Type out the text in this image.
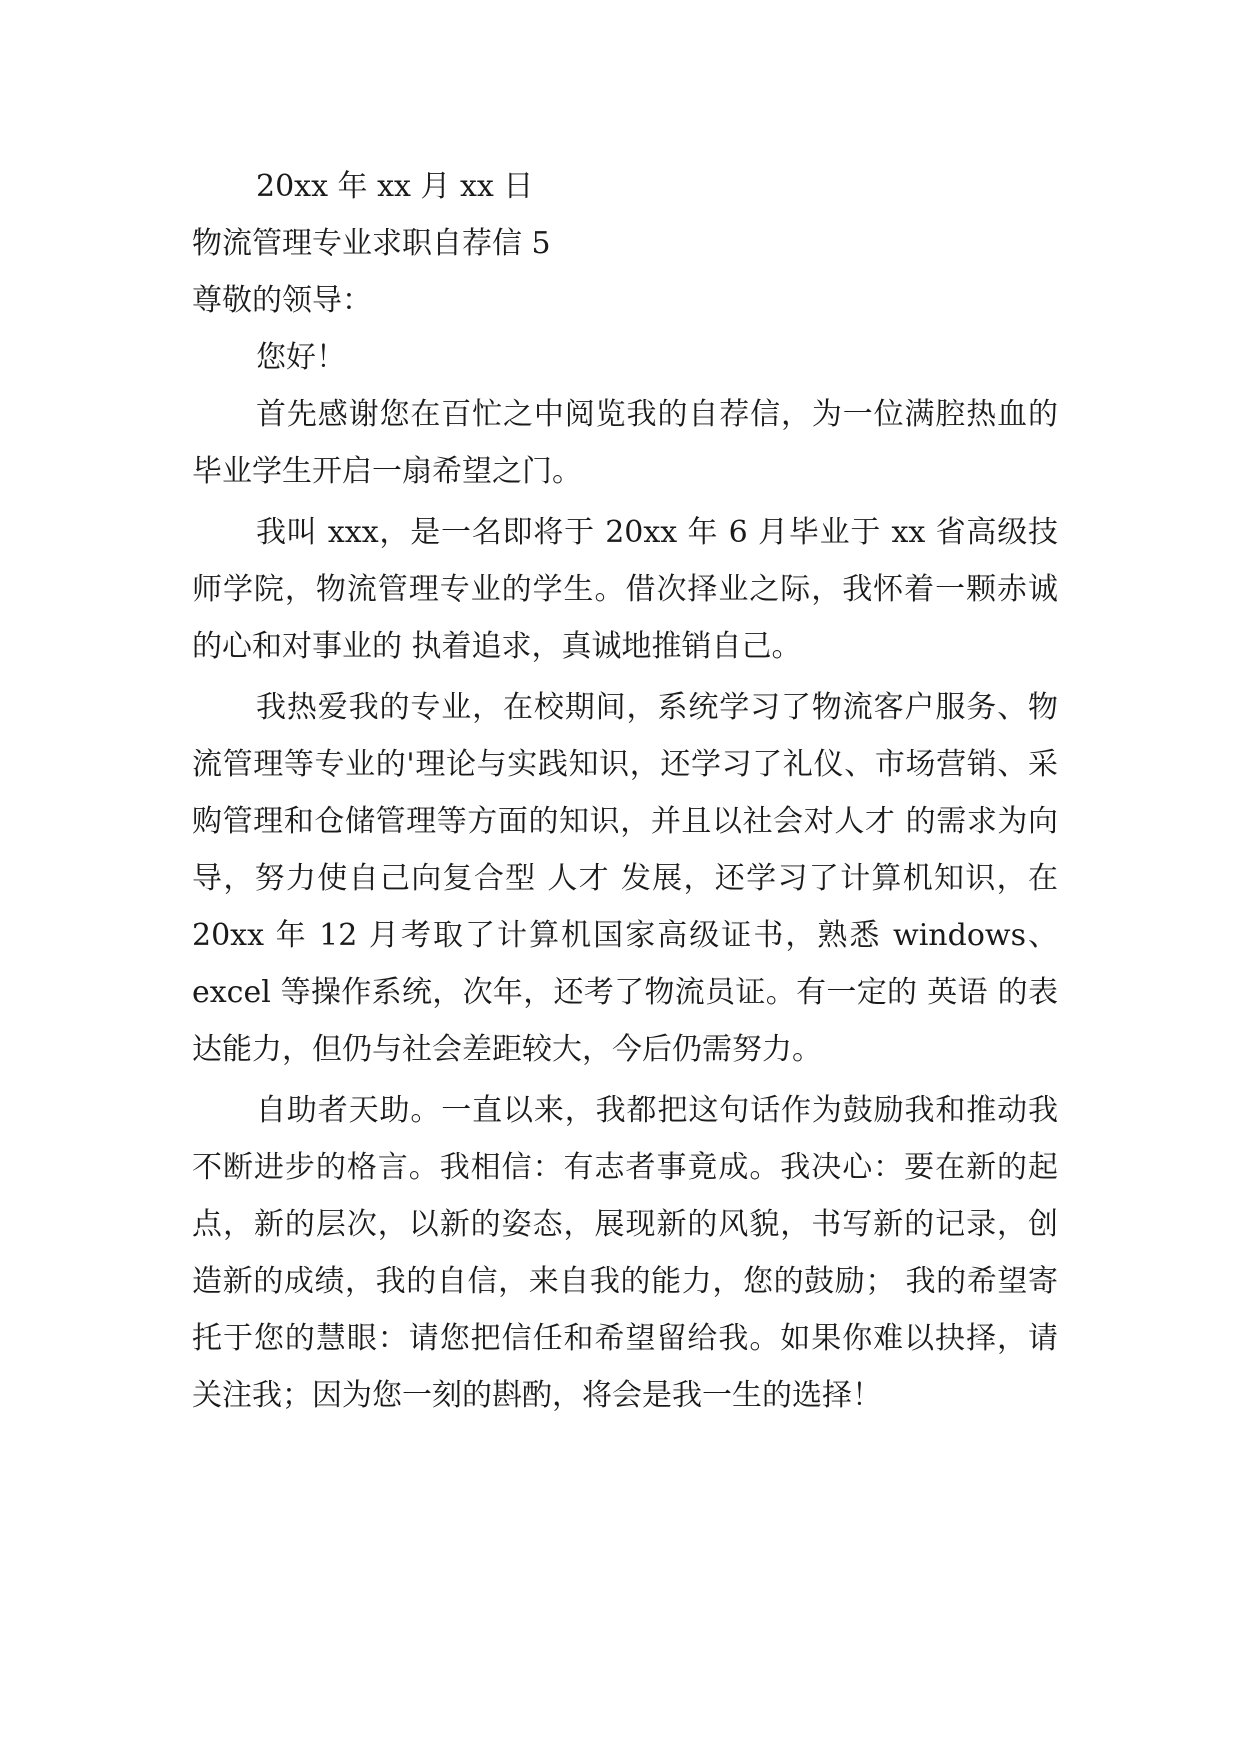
20xx 年 xx 月 xx 日

物流管理专业求职自荐信 5

尊敬的领导：

您好！

首先感谢您在百忙之中阅览我的自荐信，为一位满腔热血的毕业学生开启一扇希望之门。

我叫 xxx，是一名即将于 20xx 年 6 月毕业于 xx 省高级技师学院，物流管理专业的学生。借次择业之际，我怀着一颗赤诚的心和对事业的 执着追求，真诚地推销自己。

我热爱我的专业，在校期间，系统学习了物流客户服务、物流管理等专业的'理论与实践知识，还学习了礼仪、市场营销、采购管理和仓储管理等方面的知识，并且以社会对人才 的需求为向导，努力使自己向复合型 人才 发展，还学习了计算机知识，在 20xx 年 12 月考取了计算机国家高级证书，熟悉 windows、excel 等操作系统，次年，还考了物流员证。有一定的 英语 的表达能力，但仍与社会差距较大，今后仍需努力。

自助者天助。一直以来，我都把这句话作为鼓励我和推动我不断进步的格言。我相信：有志者事竟成。我决心：要在新的起点，新的层次，以新的姿态，展现新的风貌，书写新的记录，创造新的成绩，我的自信，来自我的能力，您的鼓励； 我的希望寄托于您的慧眼：请您把信任和希望留给我。如果你难以抉择，请关注我；因为您一刻的斟酌，将会是我一生的选择！
